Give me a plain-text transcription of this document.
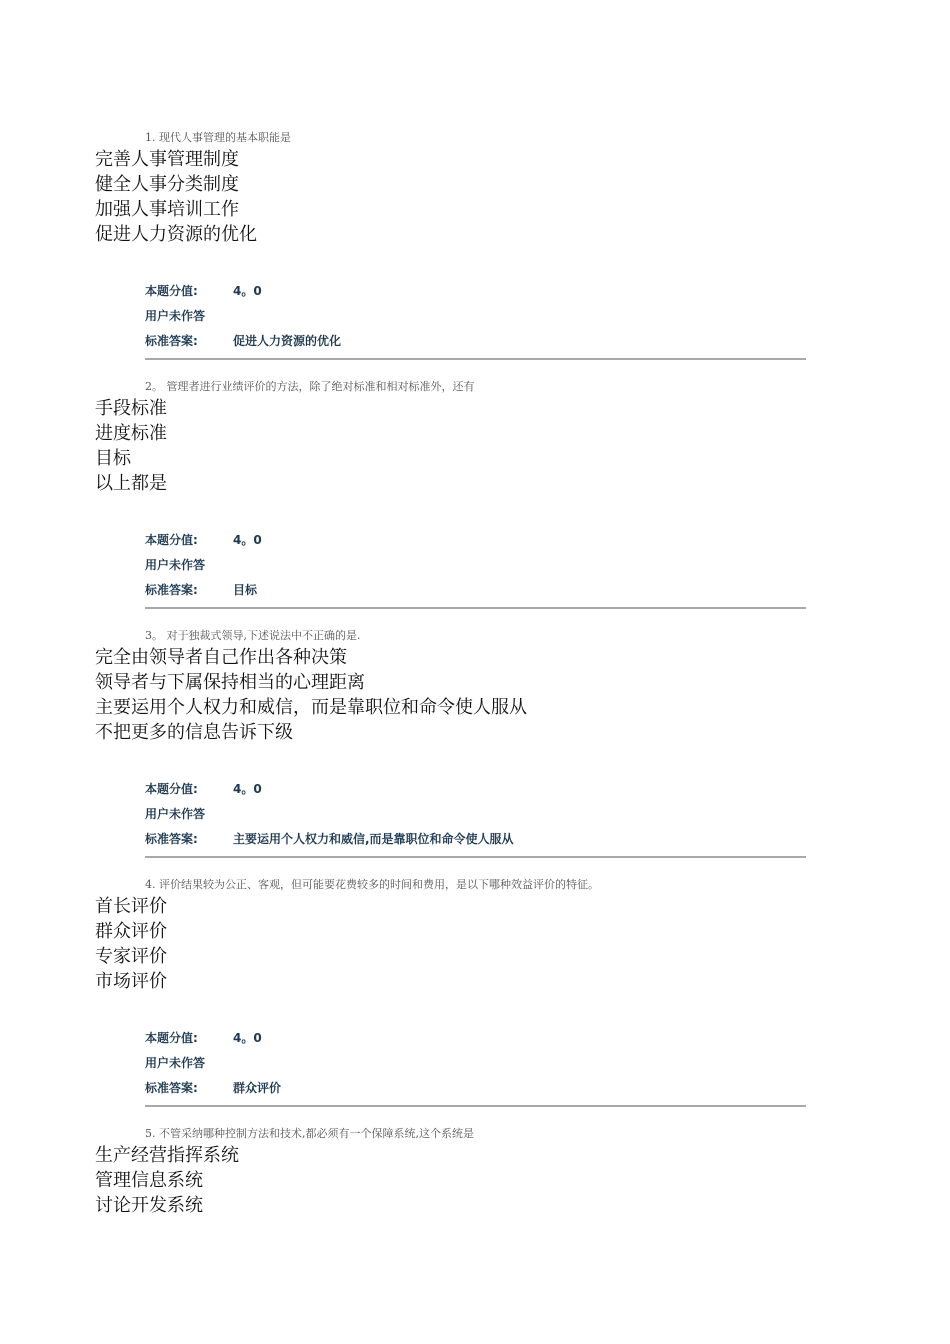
1. 现代人事管理的基本职能是
完善人事管理制度
健全人事分类制度
加强人事培训工作
促进人力资源的优化
本题分值:	4。0
用户未作答
标准答案:	促进人力资源的优化
2。 管理者进行业绩评价的方法，除了绝对标准和相对标准外，还有
手段标准
进度标准
目标
以上都是
本题分值:	4。0
用户未作答
标准答案:	目标
3。 对于独裁式领导,下述说法中不正确的是.
完全由领导者自己作出各种决策
领导者与下属保持相当的心理距离
主要运用个人权力和威信，而是靠职位和命令使人服从
不把更多的信息告诉下级
本题分值:	4。0
用户未作答
标准答案:	主要运用个人权力和威信,而是靠职位和命令使人服从
4. 评价结果较为公正、客观，但可能要花费较多的时间和费用，是以下哪种效益评价的特征。
首长评价
群众评价
专家评价
市场评价
本题分值:	4。0
用户未作答
标准答案:	群众评价
5. 不管采纳哪种控制方法和技术,都必须有一个保障系统,这个系统是
生产经营指挥系统
管理信息系统
讨论开发系统
